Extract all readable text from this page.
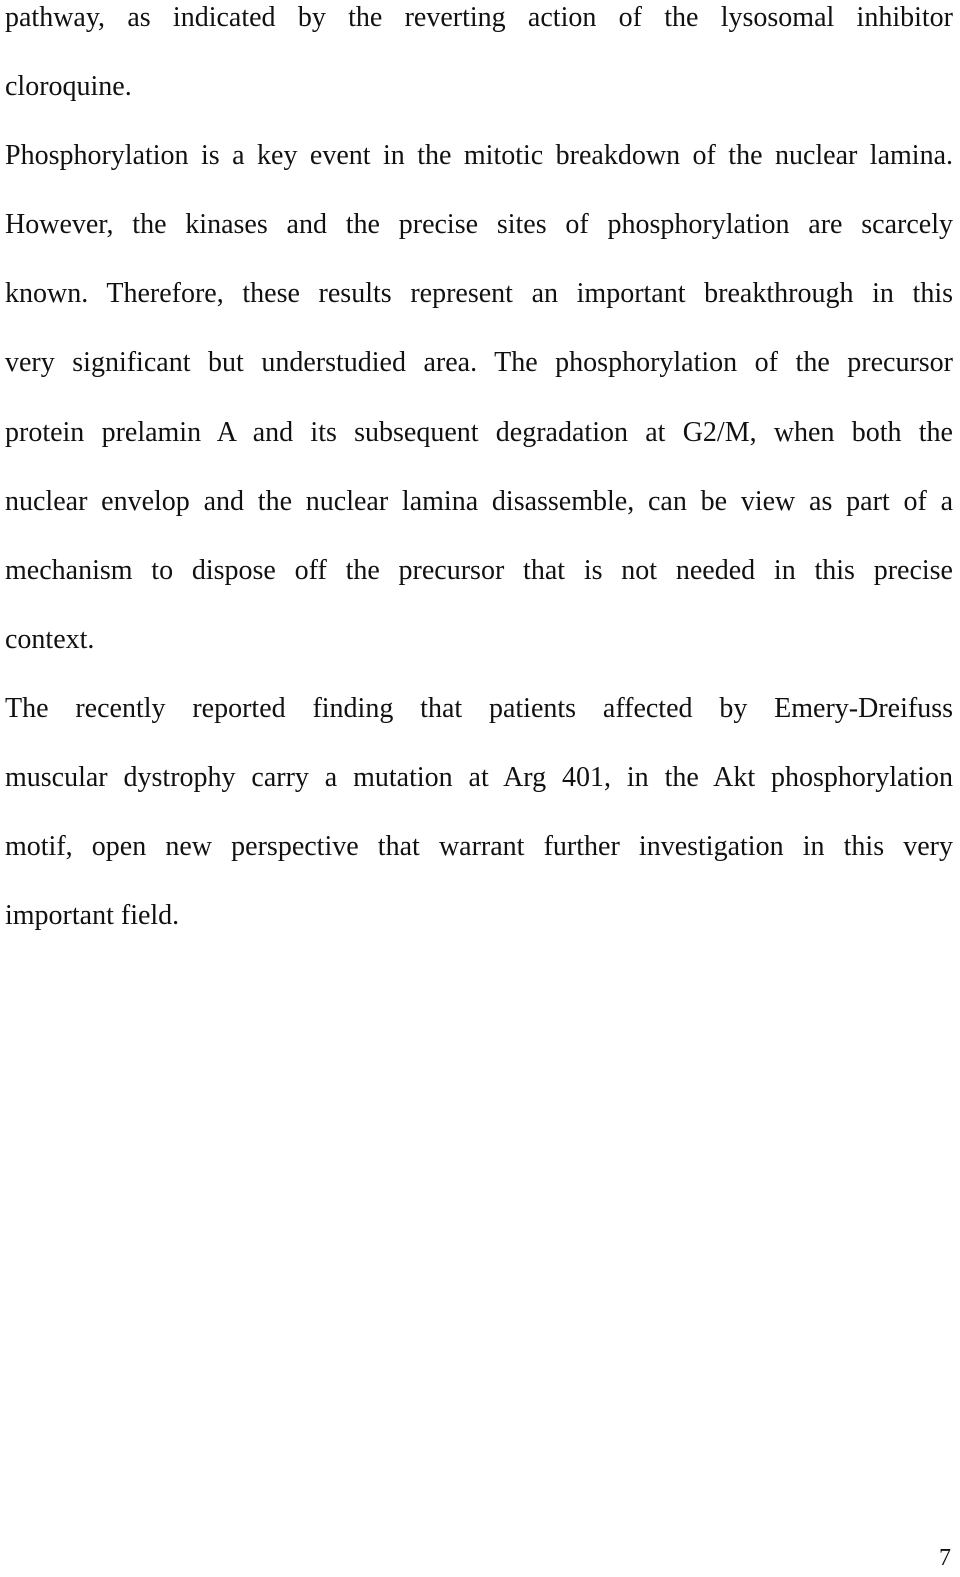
pathway, as indicated by the reverting action of the lysosomal inhibitor
cloroquine.
Phosphorylation is a key event in the mitotic breakdown of the nuclear lamina.
However, the kinases and the precise sites of phosphorylation are scarcely
known. Therefore, these results represent an important breakthrough in this
very significant but understudied area. The phosphorylation of the precursor
protein prelamin A and its subsequent degradation at G2/M, when both the
nuclear envelop and the nuclear lamina disassemble, can be view as part of a
mechanism to dispose off the precursor that is not needed in this precise
context.
The recently reported finding that patients affected by Emery-Dreifuss
muscular dystrophy carry a mutation at Arg 401, in the Akt phosphorylation
motif, open new perspective that warrant further investigation in this very
important field.
7
